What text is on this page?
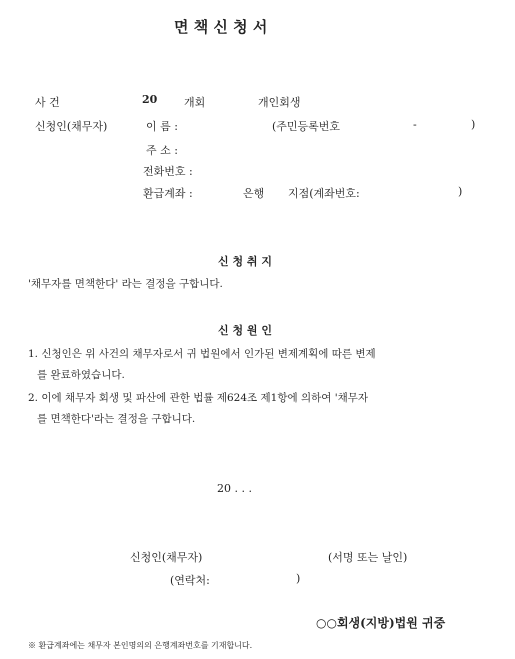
면 책 신 청 서
사 건	20 개회	개인회생
신청인(채무자)	이 름 :	(주민등록번호	-	)
주 소 :
전화번호 :
환급계좌 :	은행 지점(계좌번호:	)
신 청 취 지
'채무자를 면책한다' 라는 결정을 구합니다.
신 청 원 인
1. 신청인은 위 사건의 채무자로서 귀 법원에서 인가된 변제계획에 따른 변제
를 완료하였습니다.
2. 이에 채무자 회생 및 파산에 관한 법률 제624조 제1항에 의하여 '채무자
를 면책한다'라는 결정을 구합니다.
20 . . .
신청인(채무자)	(서명 또는 날인)
(연락처:	)
○○회생(지방)법원 귀중
※ 환급계좌에는 채무자 본인명의의 은행계좌번호를 기재합니다.
